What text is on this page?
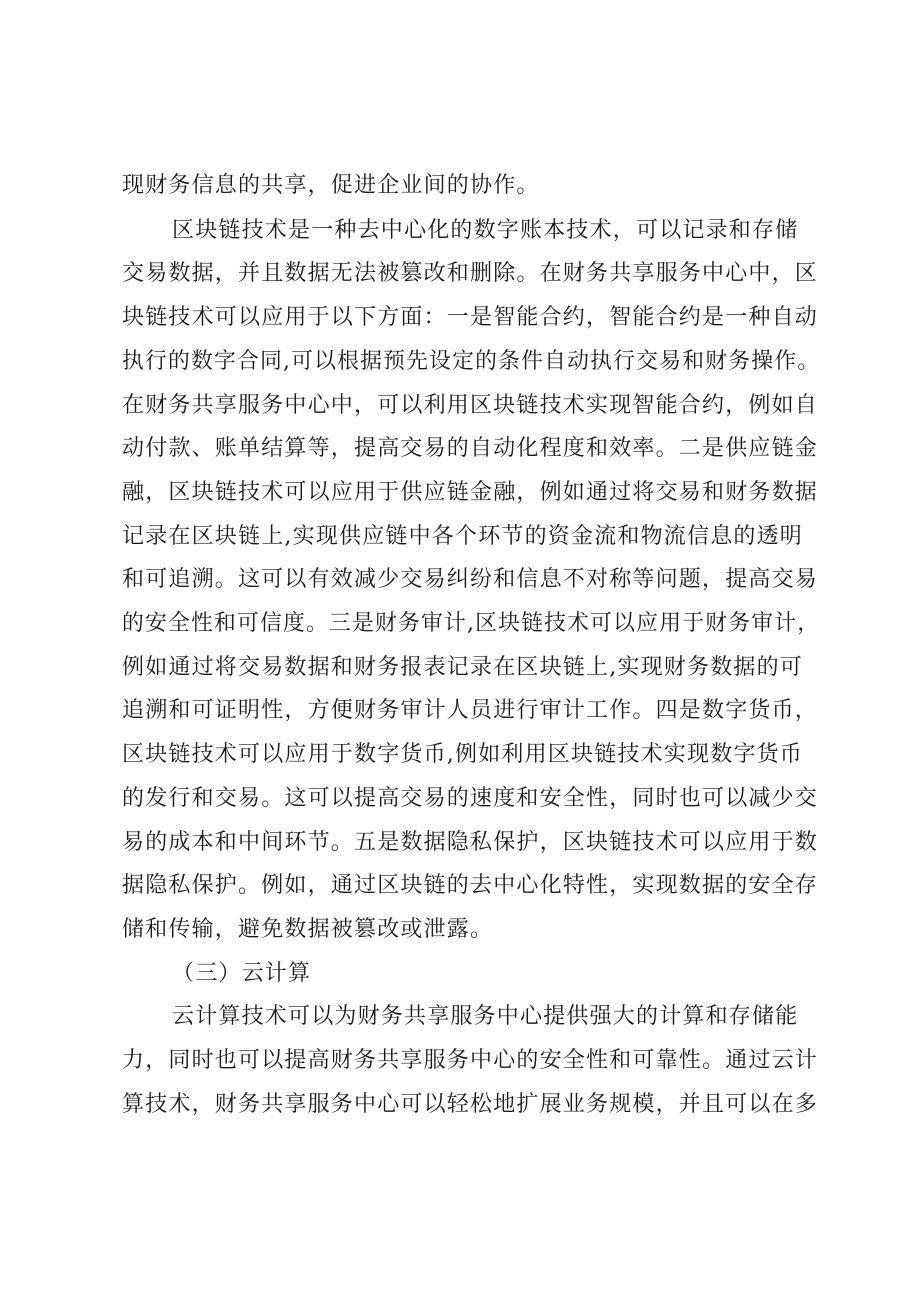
现财务信息的共享，促进企业间的协作。
区块链技术是一种去中心化的数字账本技术，可以记录和存储
交易数据，并且数据无法被篡改和删除。在财务共享服务中心中，区
块链技术可以应用于以下方面：一是智能合约，智能合约是一种自动
执行的数字合同,可以根据预先设定的条件自动执行交易和财务操作。
在财务共享服务中心中，可以利用区块链技术实现智能合约，例如自
动付款、账单结算等，提高交易的自动化程度和效率。二是供应链金
融，区块链技术可以应用于供应链金融，例如通过将交易和财务数据
记录在区块链上,实现供应链中各个环节的资金流和物流信息的透明
和可追溯。这可以有效减少交易纠纷和信息不对称等问题，提高交易
的安全性和可信度。三是财务审计,区块链技术可以应用于财务审计，
例如通过将交易数据和财务报表记录在区块链上,实现财务数据的可
追溯和可证明性，方便财务审计人员进行审计工作。四是数字货币，
区块链技术可以应用于数字货币,例如利用区块链技术实现数字货币
的发行和交易。这可以提高交易的速度和安全性，同时也可以减少交
易的成本和中间环节。五是数据隐私保护，区块链技术可以应用于数
据隐私保护。例如，通过区块链的去中心化特性，实现数据的安全存
储和传输，避免数据被篡改或泄露。
（三）云计算
云计算技术可以为财务共享服务中心提供强大的计算和存储能
力，同时也可以提高财务共享服务中心的安全性和可靠性。通过云计
算技术，财务共享服务中心可以轻松地扩展业务规模，并且可以在多
